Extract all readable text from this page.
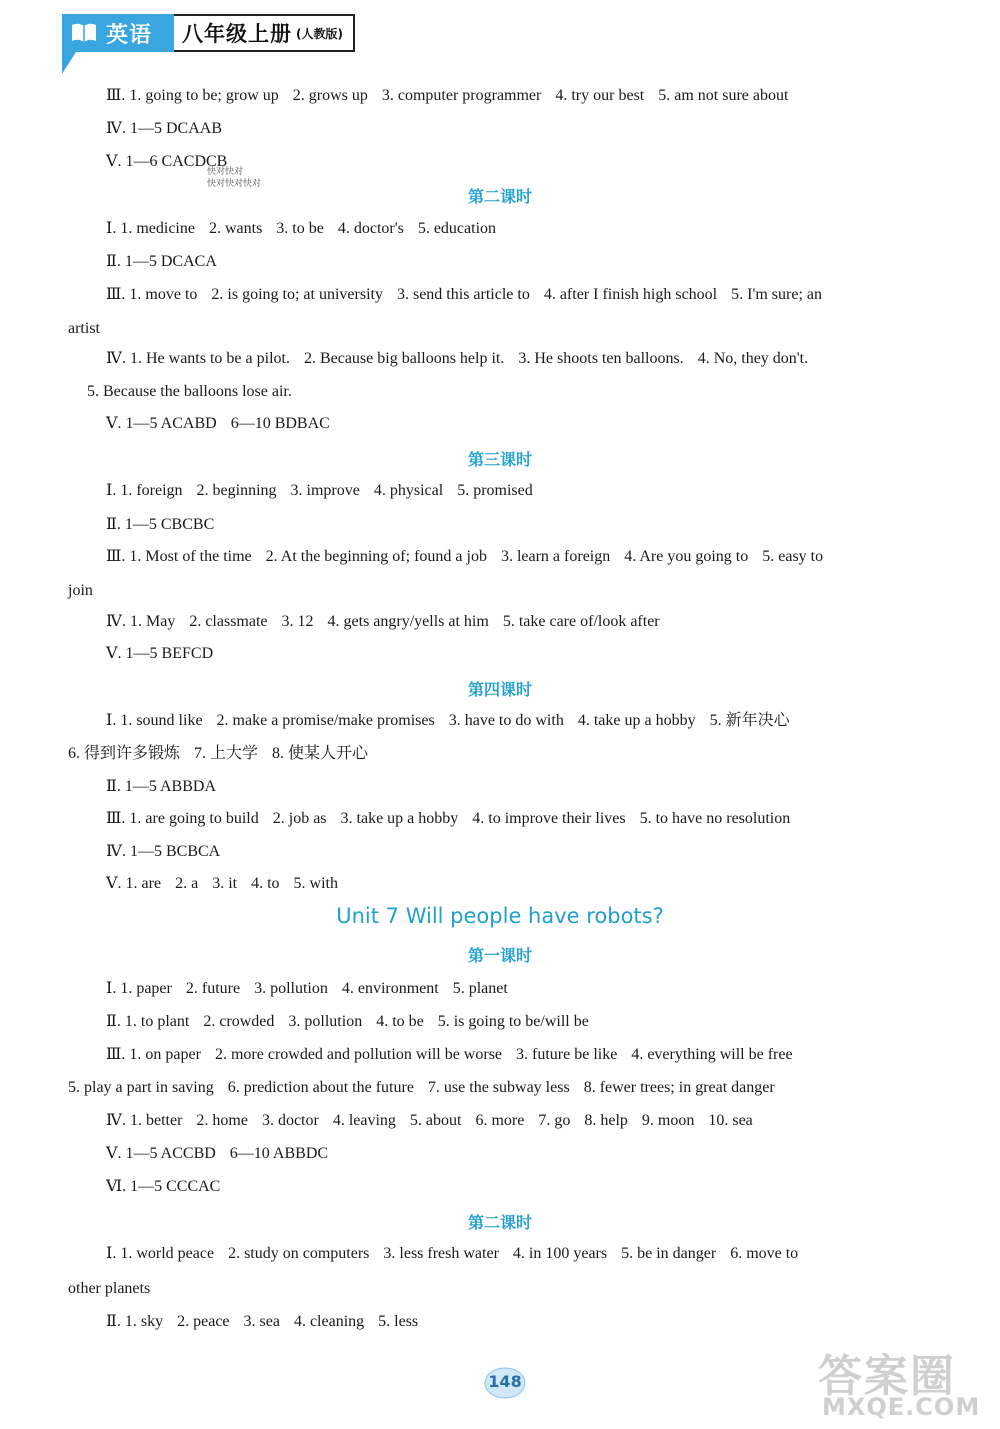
英语 八年级上册 (人教版)
Ⅲ. 1. going to be; grow up 2. grows up 3. computer programmer 4. try our best 5. am not sure about
Ⅳ. 1—5 DCAAB
Ⅴ. 1—6 CACDCB
Ⅰ. 1. medicine 2. wants 3. to be 4. doctor's 5. education
Ⅱ. 1—5 DCACA
Ⅲ. 1. move to 2. is going to; at university 3. send this article to 4. after I finish high school 5. I'm sure; an
artist
Ⅳ. 1. He wants to be a pilot. 2. Because big balloons help it. 3. He shoots ten balloons. 4. No, they don't.
5. Because the balloons lose air.
Ⅴ. 1—5 ACABD 6—10 BDBAC
Ⅰ. 1. foreign 2. beginning 3. improve 4. physical 5. promised
Ⅱ. 1—5 CBCBC
Ⅲ. 1. Most of the time 2. At the beginning of; found a job 3. learn a foreign 4. Are you going to 5. easy to
join
Ⅳ. 1. May 2. classmate 3. 12 4. gets angry/yells at him 5. take care of/look after
Ⅴ. 1—5 BEFCD
Ⅰ. 1. sound like 2. make a promise/make promises 3. have to do with 4. take up a hobby 5. 新年决心
6. 得到许多锻炼 7. 上大学 8. 使某人开心
Ⅱ. 1—5 ABBDA
Ⅲ. 1. are going to build 2. job as 3. take up a hobby 4. to improve their lives 5. to have no resolution
Ⅳ. 1—5 BCBCA
Ⅴ. 1. are 2. a 3. it 4. to 5. with
Ⅰ. 1. paper 2. future 3. pollution 4. environment 5. planet
Ⅱ. 1. to plant 2. crowded 3. pollution 4. to be 5. is going to be/will be
Ⅲ. 1. on paper 2. more crowded and pollution will be worse 3. future be like 4. everything will be free
5. play a part in saving 6. prediction about the future 7. use the subway less 8. fewer trees; in great danger
Ⅳ. 1. better 2. home 3. doctor 4. leaving 5. about 6. more 7. go 8. help 9. moon 10. sea
Ⅴ. 1—5 ACCBD 6—10 ABBDC
Ⅵ. 1—5 CCCAC
Ⅰ. 1. world peace 2. study on computers 3. less fresh water 4. in 100 years 5. be in danger 6. move to
other planets
Ⅱ. 1. sky 2. peace 3. sea 4. cleaning 5. less
第二课时
第三课时
第四课时
第一课时
第二课时
快对快对
快对快对快对
Unit 7 Will people have robots?
148	答案圈
MXQE.COM
